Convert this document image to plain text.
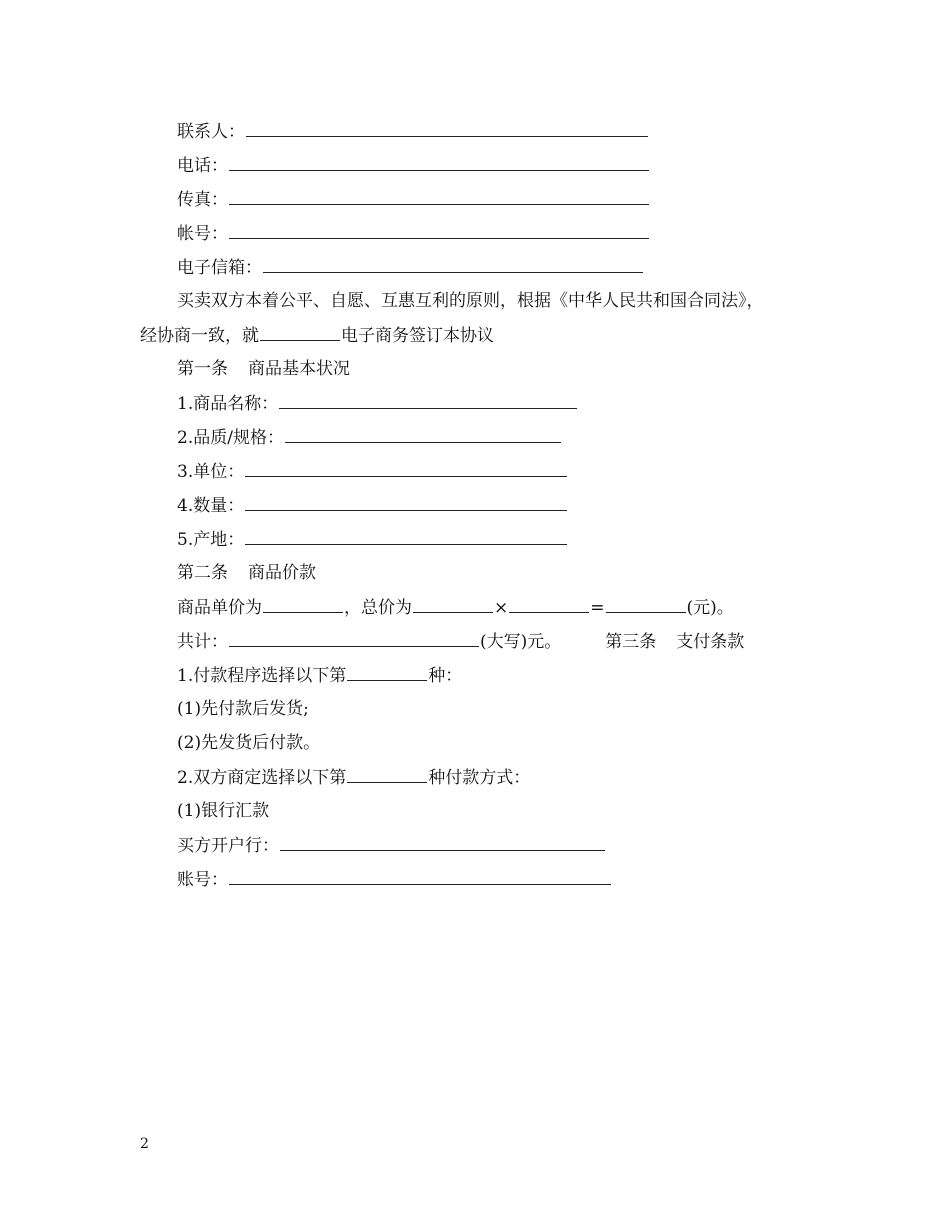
联系人：
电话：
传真：
帐号：
电子信箱：
买卖双方本着公平、自愿、互惠互利的原则，根据《中华人民共和国合同法》，
经协商一致，就	电子商务签订本协议
第一条 商品基本状况
1.商品名称：
2.品质/规格：
3.单位：
4.数量：
5.产地：
第二条 商品价款
商品单价为	，总价为	×	=	(元)。
共计：	(大写)元。	第三条 支付条款
1.付款程序选择以下第	种：
(1)先付款后发货;
(2)先发货后付款。
2.双方商定选择以下第	种付款方式：
(1)银行汇款
买方开户行：
账号：
2
